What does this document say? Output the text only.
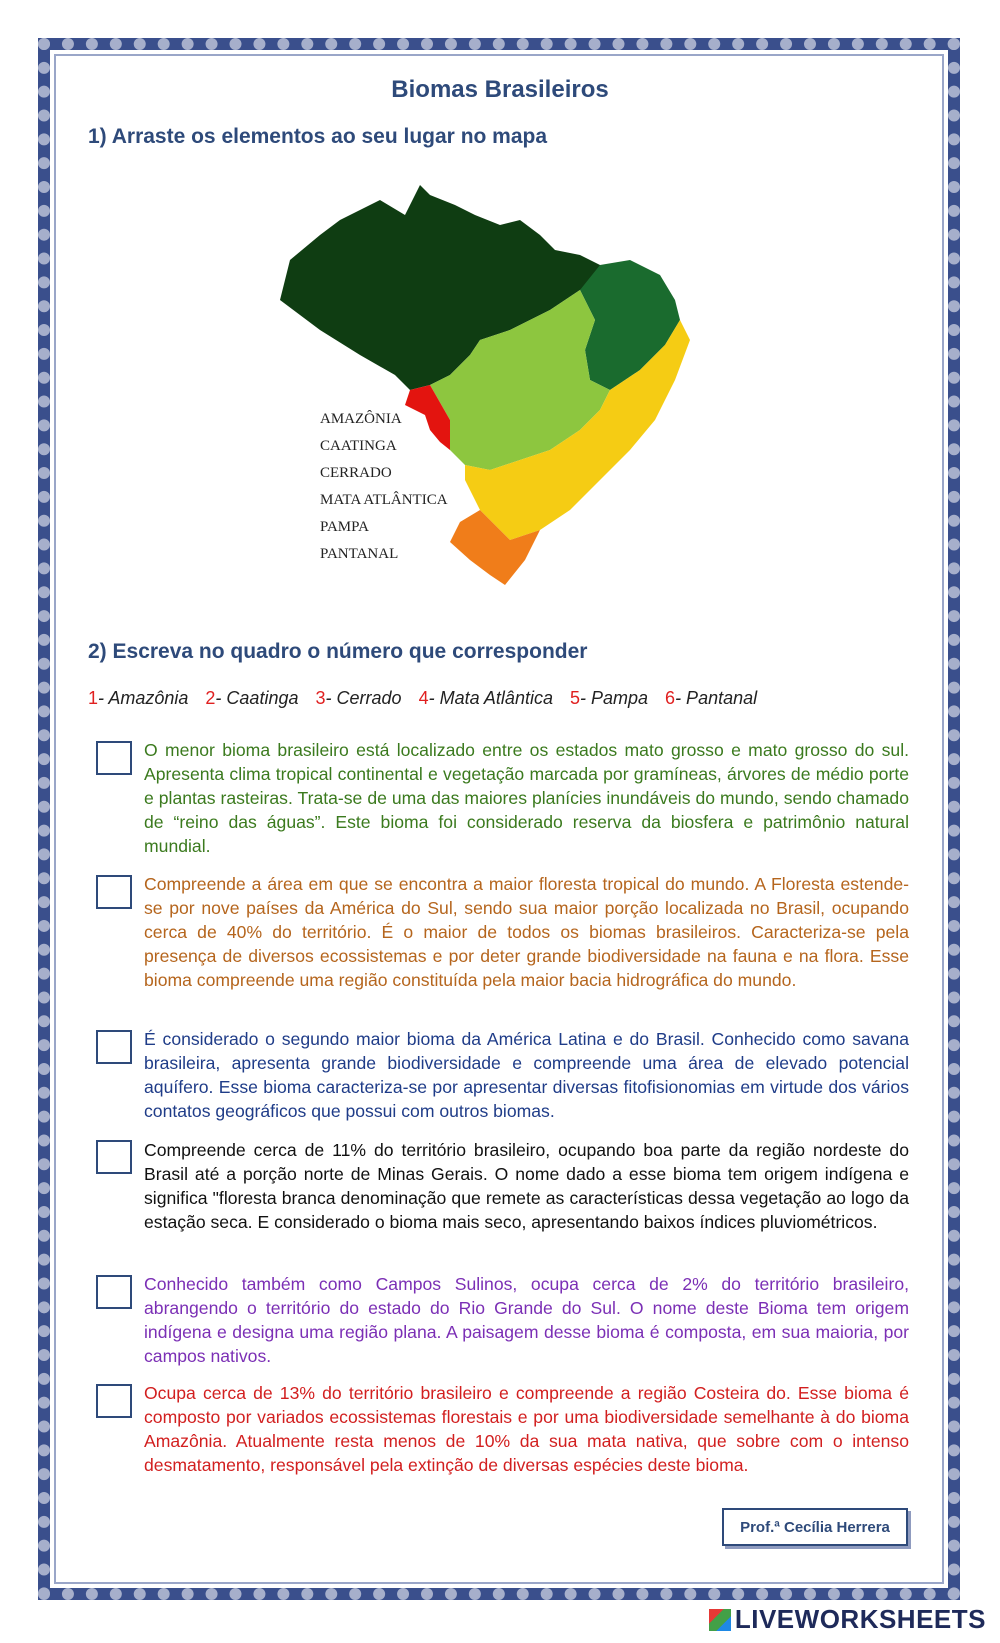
Biomas Brasileiros
1) Arraste os elementos ao seu lugar no mapa
AMAZÔNIA
CAATINGA
CERRADO
MATA ATLÂNTICA
PAMPA
PANTANAL
2) Escreva no quadro o número que corresponder
1- Amazônia 2- Caatinga 3- Cerrado 4- Mata Atlântica 5- Pampa 6- Pantanal
O menor bioma brasileiro está localizado entre os estados mato grosso e mato grosso do sul. Apresenta clima tropical continental e vegetação marcada por gramíneas, árvores de médio porte e plantas rasteiras. Trata-se de uma das maiores planícies inundáveis do mundo, sendo chamado de “reino das águas”. Este bioma foi considerado reserva da biosfera e patrimônio natural mundial.
Compreende a área em que se encontra a maior floresta tropical do mundo. A Floresta estende-se por nove países da América do Sul, sendo sua maior porção localizada no Brasil, ocupando cerca de 40% do território. É o maior de todos os biomas brasileiros. Caracteriza-se pela presença de diversos ecossistemas e por deter grande biodiversidade na fauna e na flora. Esse bioma compreende uma região constituída pela maior bacia hidrográfica do mundo.
É considerado o segundo maior bioma da América Latina e do Brasil. Conhecido como savana brasileira, apresenta grande biodiversidade e compreende uma área de elevado potencial aquífero. Esse bioma caracteriza-se por apresentar diversas fitofisionomias em virtude dos vários contatos geográficos que possui com outros biomas.
Compreende cerca de 11% do território brasileiro, ocupando boa parte da região nordeste do Brasil até a porção norte de Minas Gerais. O nome dado a esse bioma tem origem indígena e significa "floresta branca denominação que remete as características dessa vegetação ao logo da estação seca. E considerado o bioma mais seco, apresentando baixos índices pluviométricos.
Conhecido também como Campos Sulinos, ocupa cerca de 2% do território brasileiro, abrangendo o território do estado do Rio Grande do Sul. O nome deste Bioma tem origem indígena e designa uma região plana. A paisagem desse bioma é composta, em sua maioria, por campos nativos.
Ocupa cerca de 13% do território brasileiro e compreende a região Costeira do. Esse bioma é composto por variados ecossistemas florestais e por uma biodiversidade semelhante à do bioma Amazônia. Atualmente resta menos de 10% da sua mata nativa, que sobre com o intenso desmatamento, responsável pela extinção de diversas espécies deste bioma.
Prof.ª Cecília Herrera
LIVEWORKSHEETS
